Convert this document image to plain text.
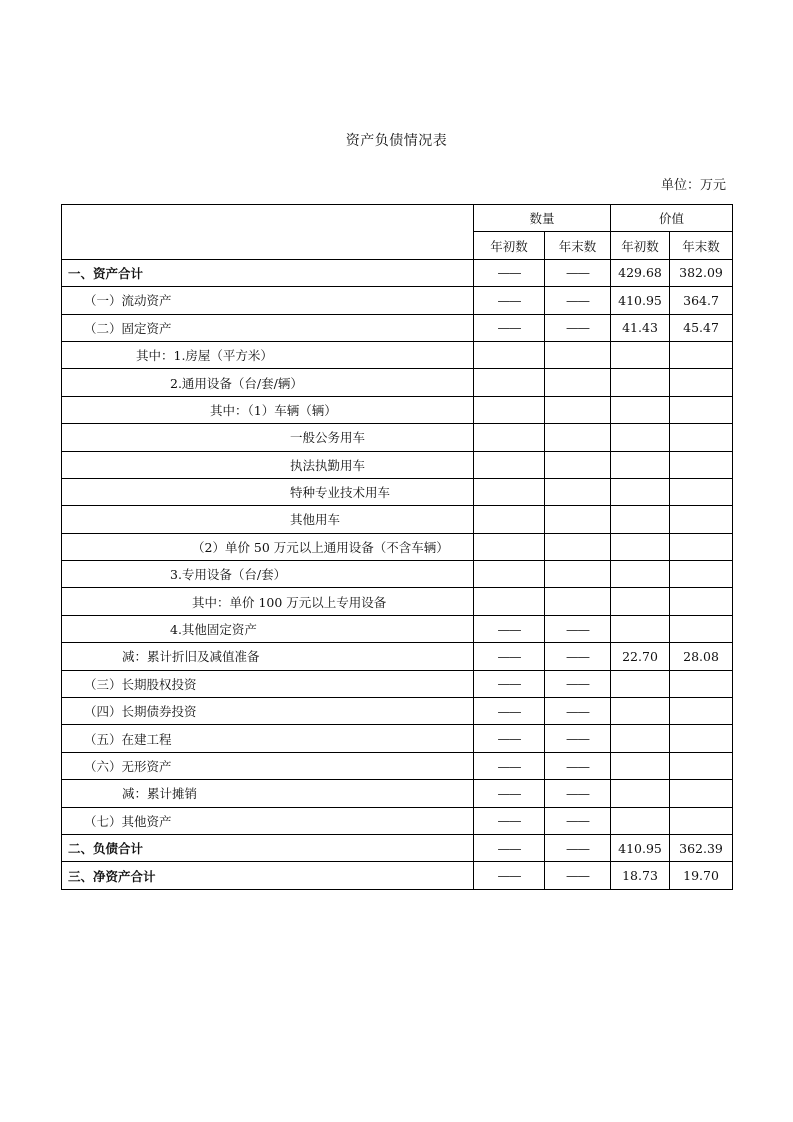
资产负债情况表
单位：万元
	数量		价值	
	年初数	年末数	年初数	年末数
一、资产合计	——	——	429.68	382.09
（一）流动资产	——	——	410.95	364.7
（二）固定资产	——	——	41.43	45.47
其中：1.房屋（平方米）				
2.通用设备（台/套/辆）				
其中：（1）车辆（辆）				
一般公务用车				
执法执勤用车				
特种专业技术用车				
其他用车				
（2）单价 50 万元以上通用设备（不含车辆）				
3.专用设备（台/套）				
其中：单价 100 万元以上专用设备				
4.其他固定资产	——	——		
减：累计折旧及减值准备	——	——	22.70	28.08
（三）长期股权投资	——	——		
（四）长期债券投资	——	——		
（五）在建工程	——	——		
（六）无形资产	——	——		
减：累计摊销	——	——		
（七）其他资产	——	——		
二、负债合计	——	——	410.95	362.39
三、净资产合计	——	——	18.73	19.70
